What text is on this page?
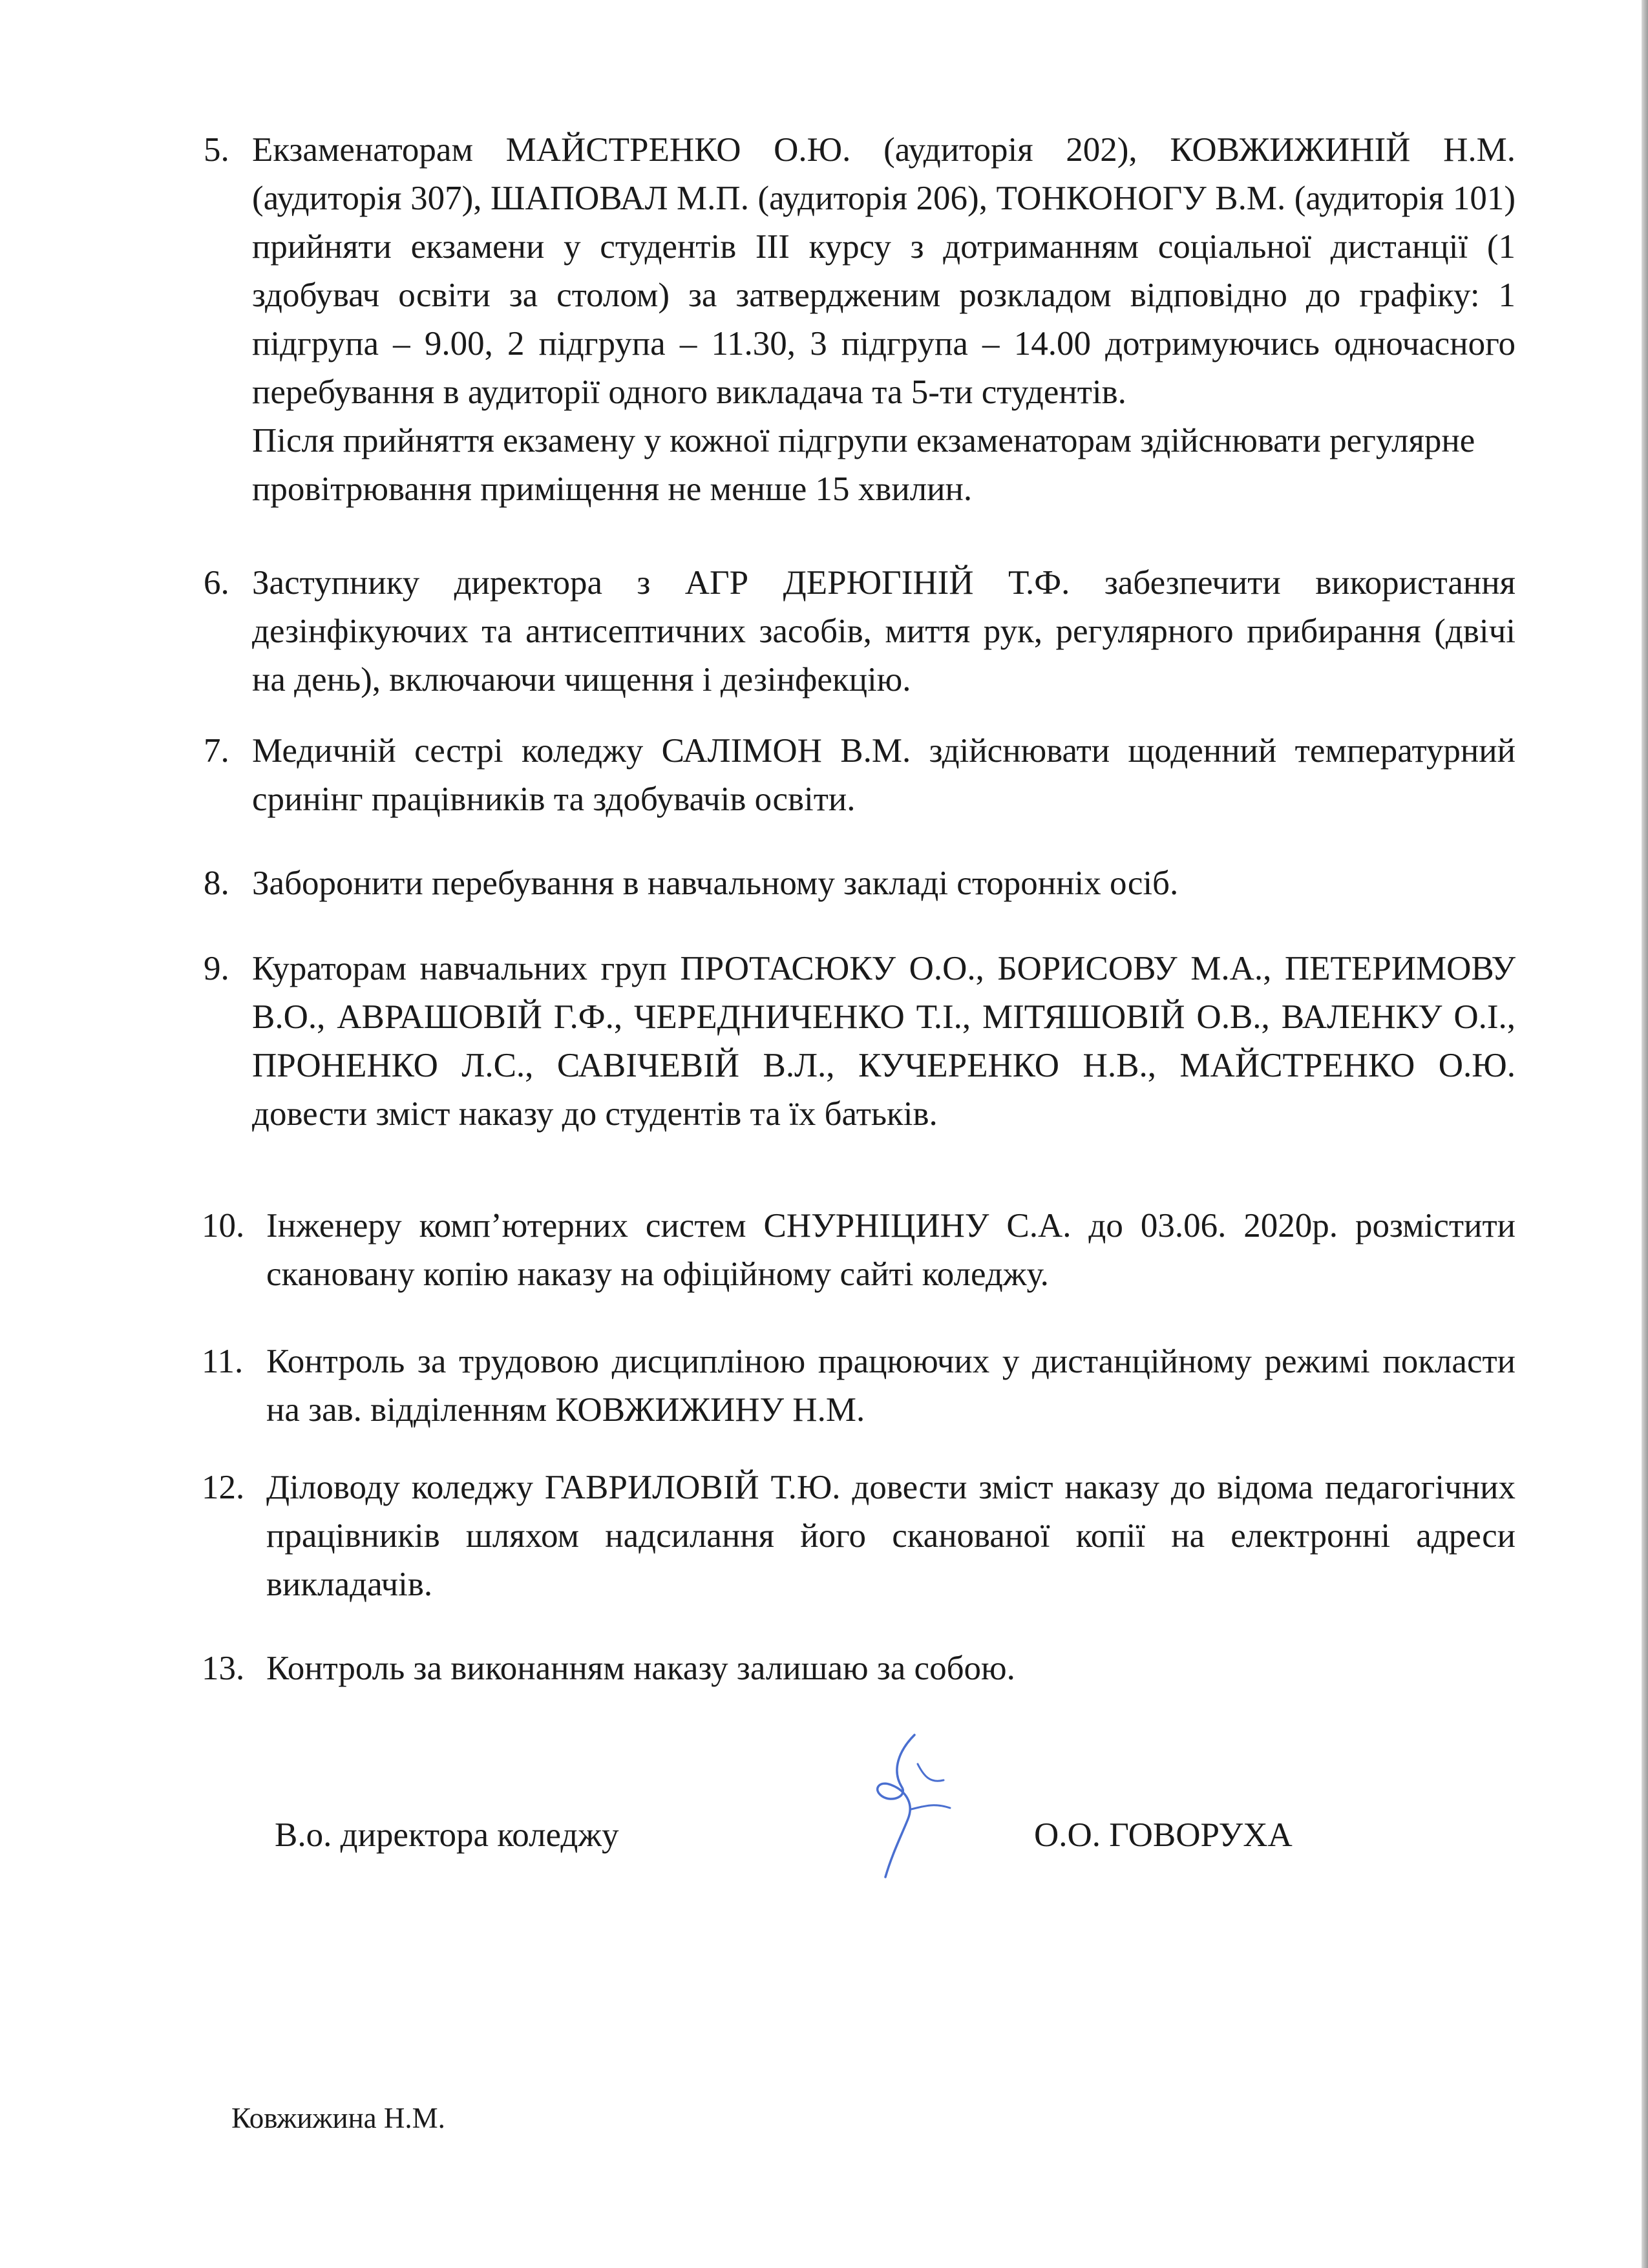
5. Екзаменаторам МАЙСТРЕНКО О.Ю. (аудиторія 202), КОВЖИЖИНІЙ Н.М. (аудиторія 307), ШАПОВАЛ М.П. (аудиторія 206), ТОНКОНОГУ В.М. (аудиторія 101) прийняти екзамени у студентів III курсу з дотриманням соціальної дистанції (1 здобувач освіти за столом) за затвердженим розкладом відповідно до графіку: 1 підгрупа – 9.00, 2 підгрупа – 11.30, 3 підгрупа – 14.00 дотримуючись одночасного перебування в аудиторії одного викладача та 5-ти студентів.
Після прийняття екзамену у кожної підгрупи екзаменаторам здійснювати регулярне провітрювання приміщення не менше 15 хвилин.
6. Заступнику директора з АГР ДЕРЮГІНІЙ Т.Ф. забезпечити використання дезінфікуючих та антисептичних засобів, миття рук, регулярного прибирання (двічі на день), включаючи чищення і дезінфекцію.
7. Медичній сестрі коледжу САЛІМОН В.М. здійснювати щоденний температурний сринінг працівників та здобувачів освіти.
8. Заборонити перебування в навчальному закладі сторонніх осіб.
9. Кураторам навчальних груп ПРОТАСЮКУ О.О., БОРИСОВУ М.А., ПЕТЕРИМОВУ В.О., АВРАШОВІЙ Г.Ф., ЧЕРЕДНИЧЕНКО Т.І., МІТЯШОВІЙ О.В., ВАЛЕНКУ О.І., ПРОНЕНКО Л.С., САВІЧЕВІЙ В.Л., КУЧЕРЕНКО Н.В., МАЙСТРЕНКО О.Ю. довести зміст наказу до студентів та їх батьків.
10. Інженеру комп’ютерних систем СНУРНІЦИНУ С.А. до 03.06. 2020р. розмістити скановану копію наказу на офіційному сайті коледжу.
11. Контроль за трудовою дисципліною працюючих у дистанційному режимі покласти на зав. відділенням КОВЖИЖИНУ Н.М.
12. Діловоду коледжу ГАВРИЛОВІЙ Т.Ю. довести зміст наказу до відома педагогічних працівників шляхом надсилання його сканованої копії на електронні адреси викладачів.
13. Контроль за виконанням наказу залишаю за собою.
В.о. директора коледжу	О.О. ГОВОРУХА
Ковжижина Н.М.
